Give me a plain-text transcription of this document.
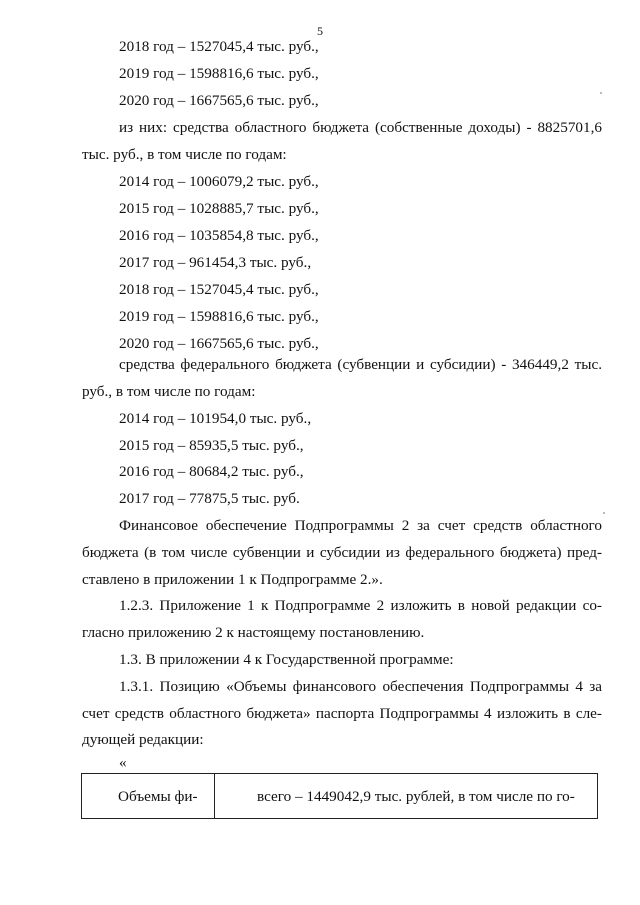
5
2018 год – 1527045,4 тыс. руб.,
2019 год – 1598816,6 тыс. руб.,
2020 год – 1667565,6 тыс. руб.,
из них: средства областного бюджета (собственные доходы) - 8825701,6
тыс. руб., в том числе по годам:
2014 год – 1006079,2 тыс. руб.,
2015 год – 1028885,7 тыс. руб.,
2016 год – 1035854,8 тыс. руб.,
2017 год – 961454,3 тыс. руб.,
2018 год – 1527045,4 тыс. руб.,
2019 год – 1598816,6 тыс. руб.,
2020 год – 1667565,6 тыс. руб.,
средства федерального бюджета (субвенции и субсидии) - 346449,2 тыс.
руб., в том числе по годам:
2014 год – 101954,0 тыс. руб.,
2015 год – 85935,5 тыс. руб.,
2016 год – 80684,2 тыс. руб.,
2017 год – 77875,5 тыс. руб.
Финансовое обеспечение Подпрограммы 2 за счет средств областного
бюджета (в том числе субвенции и субсидии из федерального бюджета) пред-
ставлено в приложении 1 к Подпрограмме 2.».
1.2.3. Приложение 1 к Подпрограмме 2 изложить в новой редакции со-
гласно приложению 2 к настоящему постановлению.
1.3. В приложении 4 к Государственной программе:
1.3.1. Позицию «Объемы финансового обеспечения Подпрограммы 4 за
счет средств областного бюджета» паспорта Подпрограммы 4 изложить в сле-
дующей редакции:
«
Объемы фи-	всего – 1449042,9 тыс. рублей, в том числе по го-
